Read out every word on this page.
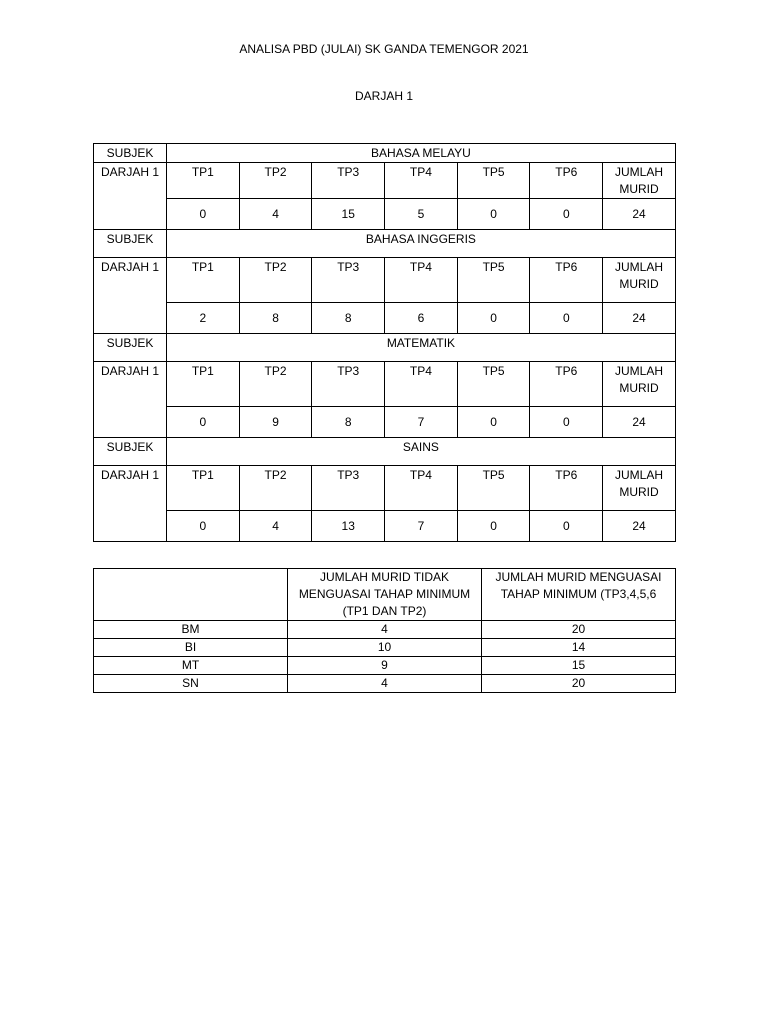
ANALISA PBD (JULAI) SK GANDA TEMENGOR 2021
DARJAH 1
SUBJEK	BAHASA MELAYU						
DARJAH 1	TP1	TP2	TP3	TP4	TP5	TP6	JUMLAH MURID
	0	4	15	5	0	0	24
SUBJEK	BAHASA INGGERIS						
DARJAH 1	TP1	TP2	TP3	TP4	TP5	TP6	JUMLAH MURID
	2	8	8	6	0	0	24
SUBJEK	MATEMATIK						
DARJAH 1	TP1	TP2	TP3	TP4	TP5	TP6	JUMLAH MURID
	0	9	8	7	0	0	24
SUBJEK	SAINS						
DARJAH 1	TP1	TP2	TP3	TP4	TP5	TP6	JUMLAH MURID
	0	4	13	7	0	0	24
	JUMLAH MURID TIDAK MENGUASAI TAHAP MINIMUM (TP1 DAN TP2)	JUMLAH MURID MENGUASAI TAHAP MINIMUM (TP3,4,5,6
BM	4	20
BI	10	14
MT	9	15
SN	4	20
